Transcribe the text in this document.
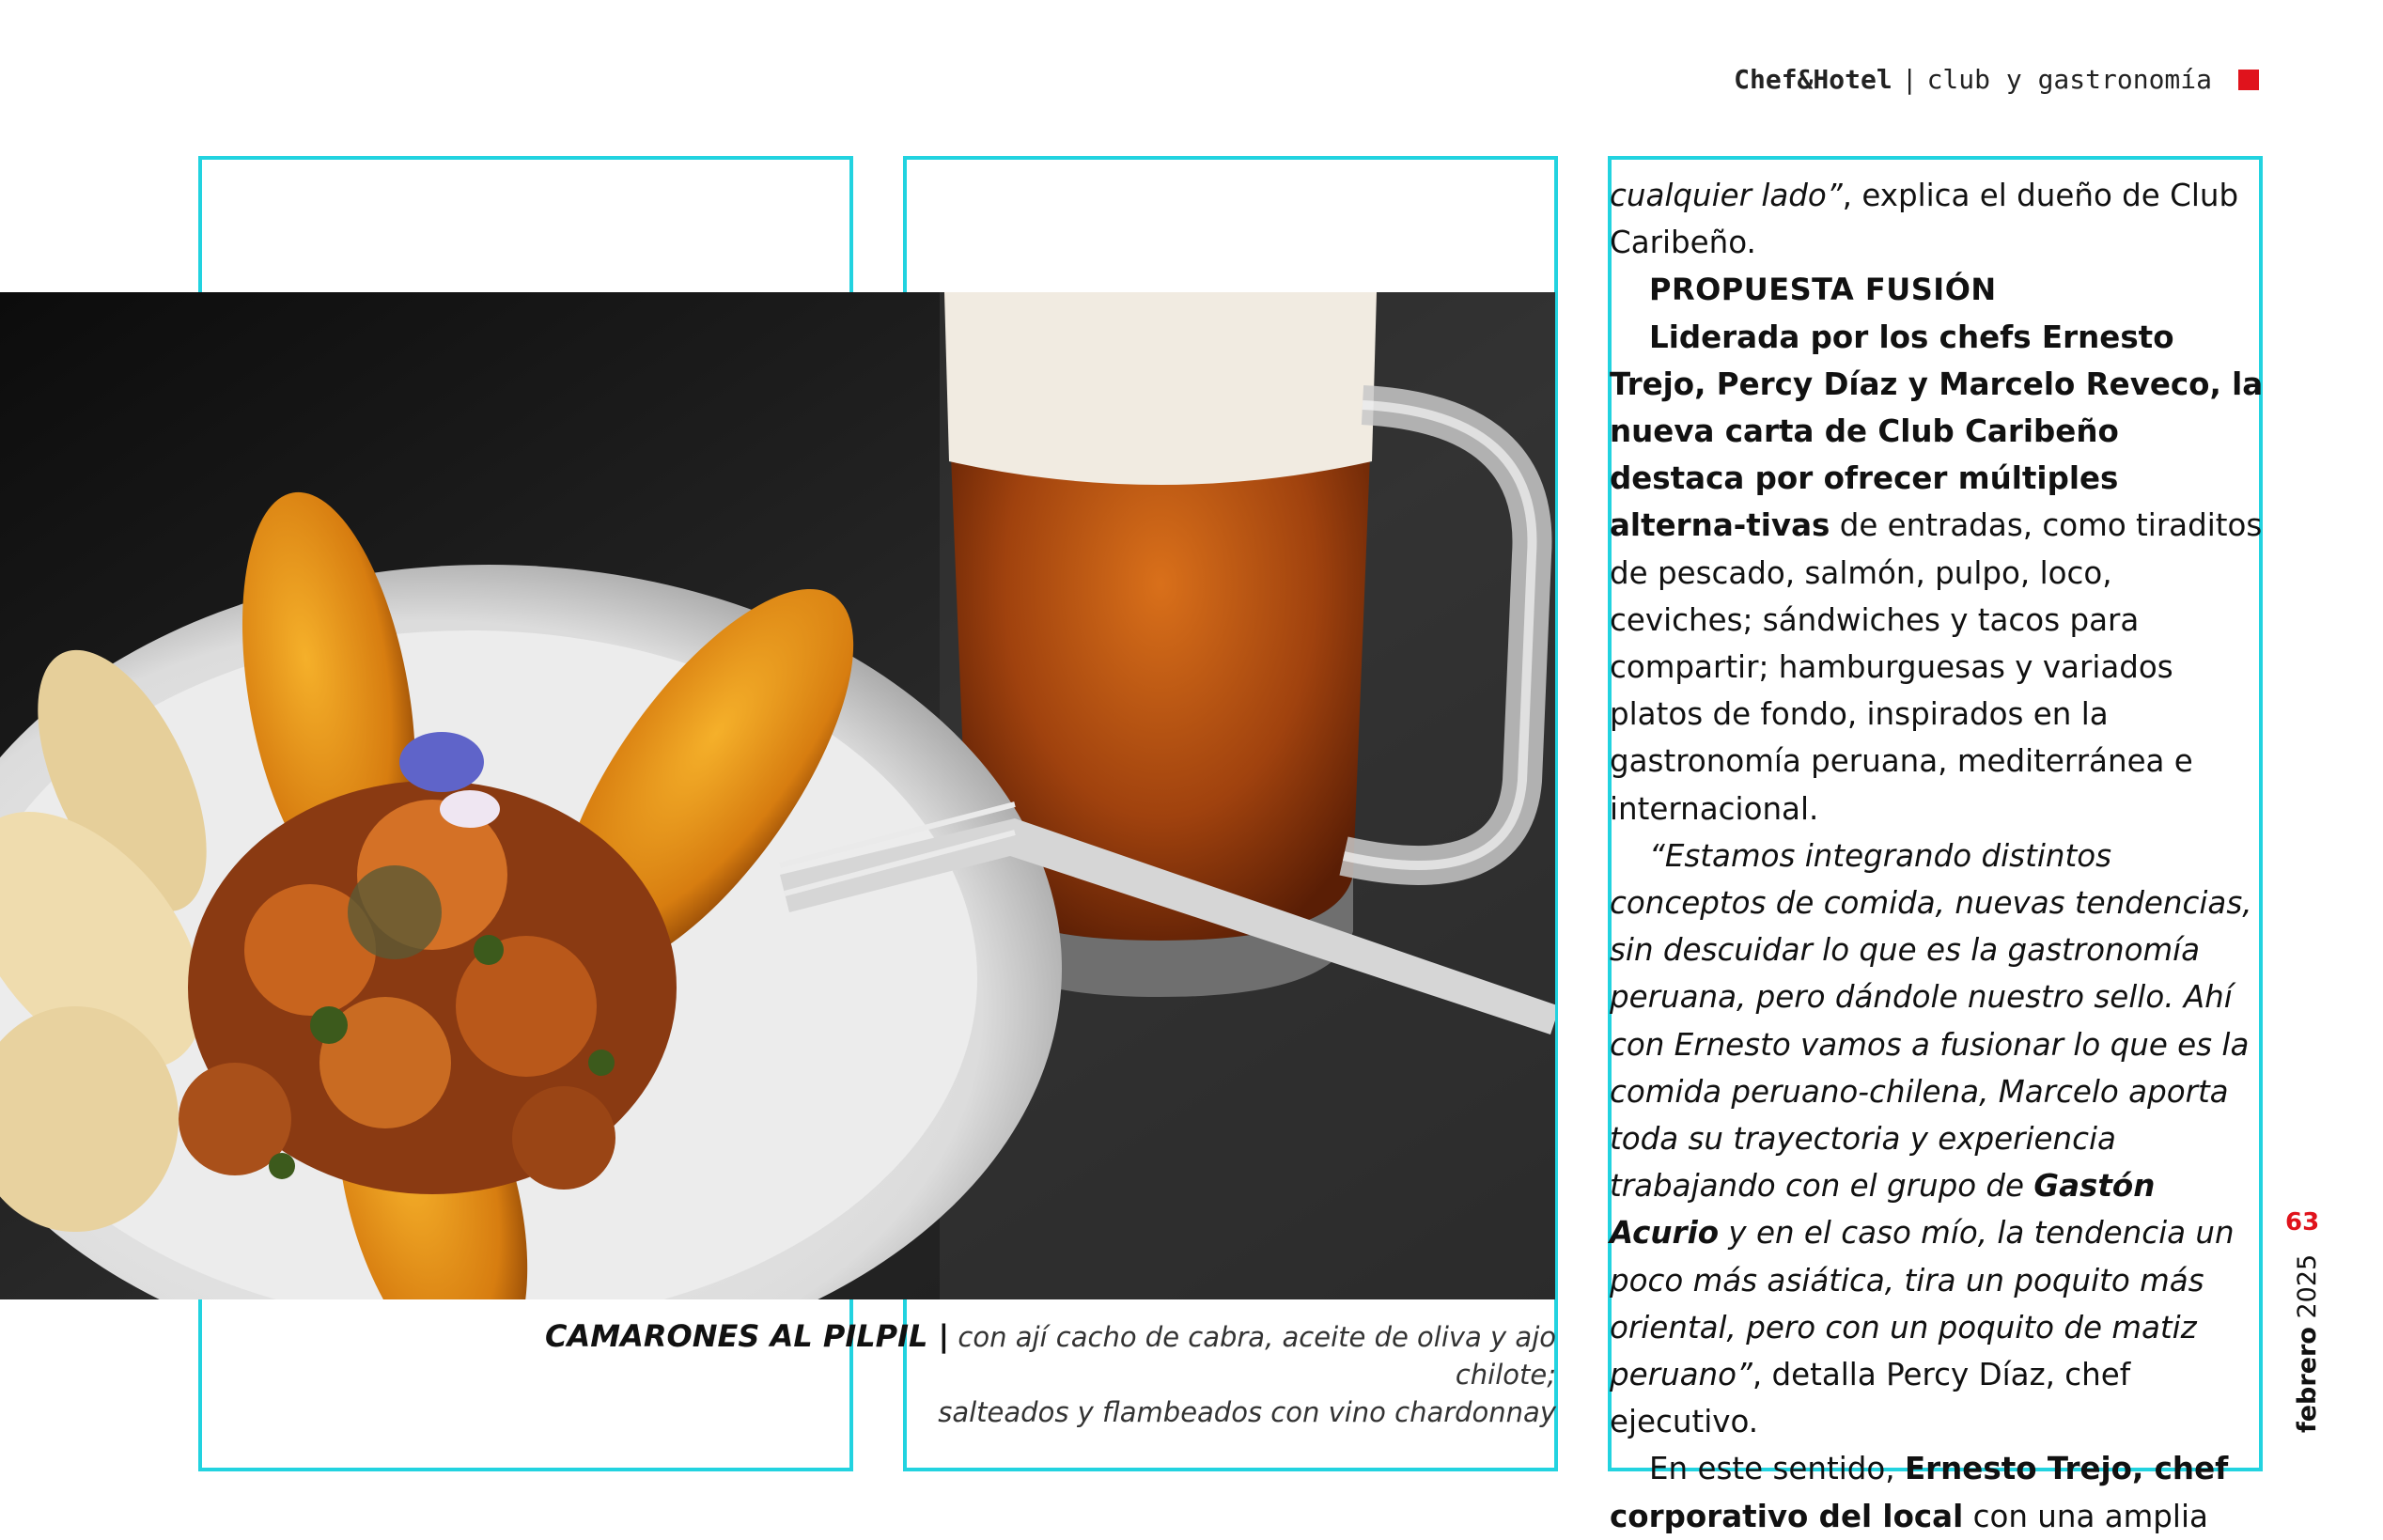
Chef&Hotel | club y gastronomía
CAMARONES AL PILPIL | con ají cacho de cabra, aceite de oliva y ajo chilote;
salteados y flambeados con vino chardonnay

cualquier lado”, explica el dueño de Club Caribeño.

PROPUESTA FUSIÓN

Liderada por los chefs Ernesto Trejo, Percy Díaz y Marcelo Reveco, la nueva carta de Club Caribeño destaca por ofrecer múltiples alterna-tivas de entradas, como tiraditos de pescado, salmón, pulpo, loco, ceviches; sándwiches y tacos para compartir; hamburguesas y variados platos de fondo, inspirados en la gastronomía peruana, mediterránea e internacional.

“Estamos integrando distintos conceptos de comida, nuevas tendencias, sin descuidar lo que es la gastronomía peruana, pero dándole nuestro sello. Ahí con Ernesto vamos a fusionar lo que es la comida peruano-chilena, Marcelo aporta toda su trayectoria y experiencia trabajando con el grupo de Gastón Acurio y en el caso mío, la tendencia un poco más asiática, tira un poquito más oriental, pero con un poquito de matiz peruano”, detalla Percy Díaz, chef ejecutivo.

En este sentido, Ernesto Trejo, chef corporativo del local con una amplia

63
febrero 2025
